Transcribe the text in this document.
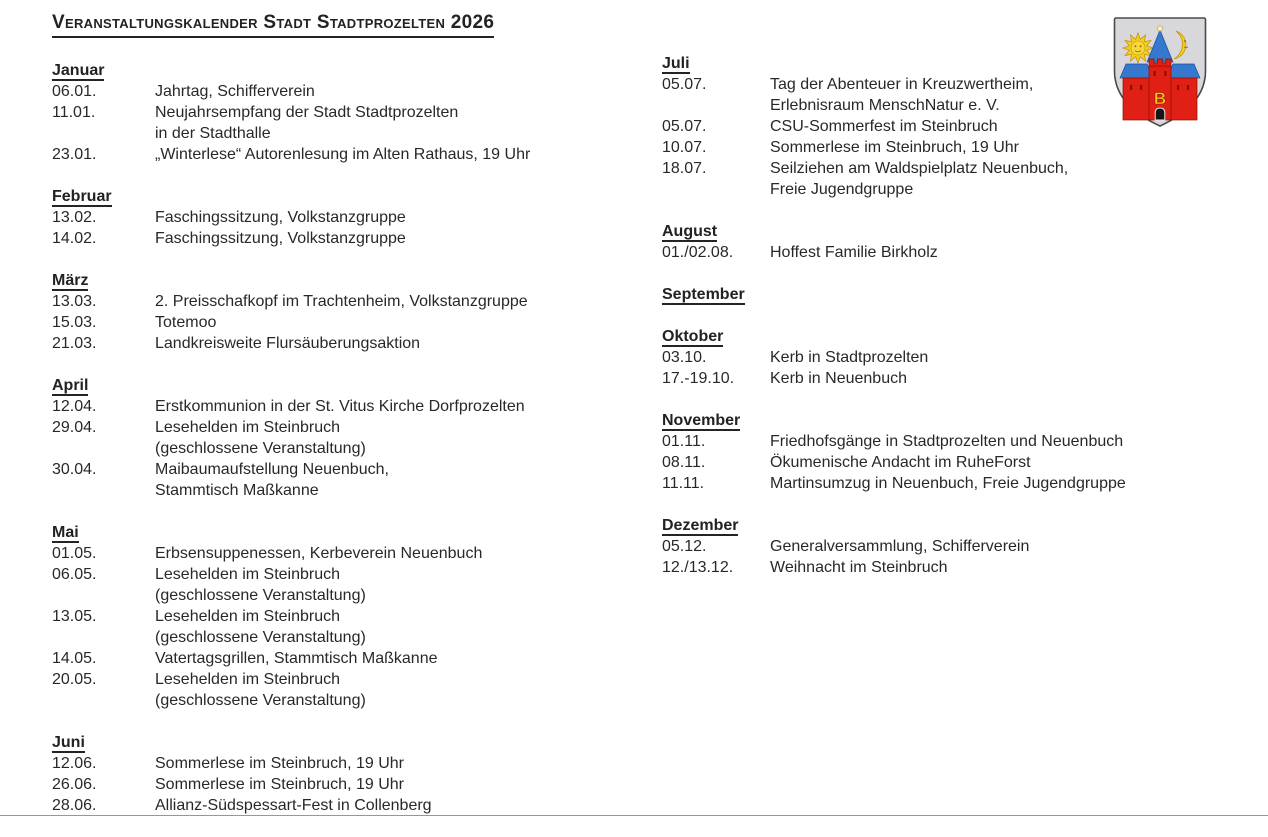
Veranstaltungskalender Stadt Stadtprozelten 2026
Januar
06.01.	Jahrtag, Schifferverein
11.01.	Neujahrsempfang der Stadt Stadtprozelten
in der Stadthalle
23.01.	„Winterlese“ Autorenlesung im Alten Rathaus, 19 Uhr
Februar
13.02.	Faschingssitzung, Volkstanzgruppe
14.02.	Faschingssitzung, Volkstanzgruppe
März
13.03.	2. Preisschafkopf im Trachtenheim, Volkstanzgruppe
15.03.	Totemoo
21.03.	Landkreisweite Flursäuberungsaktion
April
12.04.	Erstkommunion in der St. Vitus Kirche Dorfprozelten
29.04.	Lesehelden im Steinbruch
(geschlossene Veranstaltung)
30.04.	Maibaumaufstellung Neuenbuch,
Stammtisch Maßkanne
Mai
01.05.	Erbsensuppenessen, Kerbeverein Neuenbuch
06.05.	Lesehelden im Steinbruch
(geschlossene Veranstaltung)
13.05.	Lesehelden im Steinbruch
(geschlossene Veranstaltung)
14.05.	Vatertagsgrillen, Stammtisch Maßkanne
20.05.	Lesehelden im Steinbruch
(geschlossene Veranstaltung)
Juni
12.06.	Sommerlese im Steinbruch, 19 Uhr
26.06.	Sommerlese im Steinbruch, 19 Uhr
28.06.	Allianz-Südspessart-Fest in Collenberg
Juli
05.07.	Tag der Abenteuer in Kreuzwertheim,
Erlebnisraum MenschNatur e. V.
05.07.	CSU-Sommerfest im Steinbruch
10.07.	Sommerlese im Steinbruch, 19 Uhr
18.07.	Seilziehen am Waldspielplatz Neuenbuch,
Freie Jugendgruppe
August
01./02.08.	Hoffest Familie Birkholz
September
Oktober
03.10.	Kerb in Stadtprozelten
17.-19.10.	Kerb in Neuenbuch
November
01.11.	Friedhofsgänge in Stadtprozelten und Neuenbuch
08.11.	Ökumenische Andacht im RuheForst
11.11.	Martinsumzug in Neuenbuch, Freie Jugendgruppe
Dezember
05.12.	Generalversammlung, Schifferverein
12./13.12.	Weihnacht im Steinbruch
B
